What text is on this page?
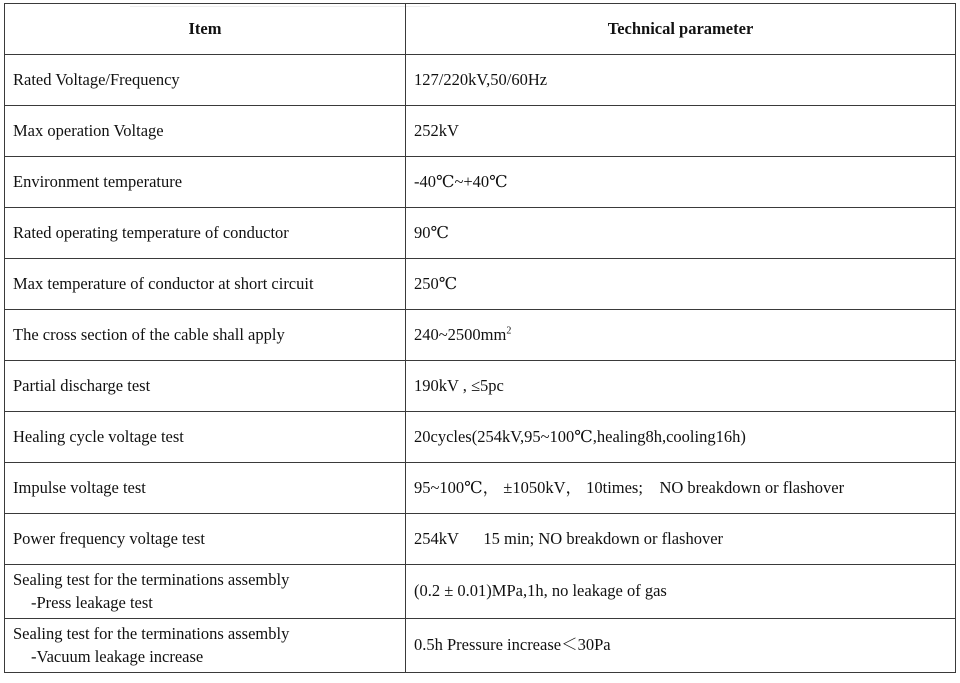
Item	Technical parameter
Rated Voltage/Frequency	127/220kV,50/60Hz
Max operation Voltage	252kV
Environment temperature	-40℃~+40℃
Rated operating temperature of conductor	90℃
Max temperature of conductor at short circuit	250℃
The cross section of the cable shall apply	$240\sim 2500mm^2$
Partial discharge test	190kV , ≤5pc
Healing cycle voltage test	20cycles(254kV,95~100℃,healing8h,cooling16h)
Impulse voltage test	95~100℃， ±1050kV， 10times;    NO breakdown or flashover
Power frequency voltage test	254kV      15 min; NO breakdown or flashover
Sealing test for the terminations assembly
-Press leakage test	(0.2 ± 0.01)MPa,1h, no leakage of gas
Sealing test for the terminations assembly
-Vacuum leakage increase	0.5h Pressure increase＜30Pa
